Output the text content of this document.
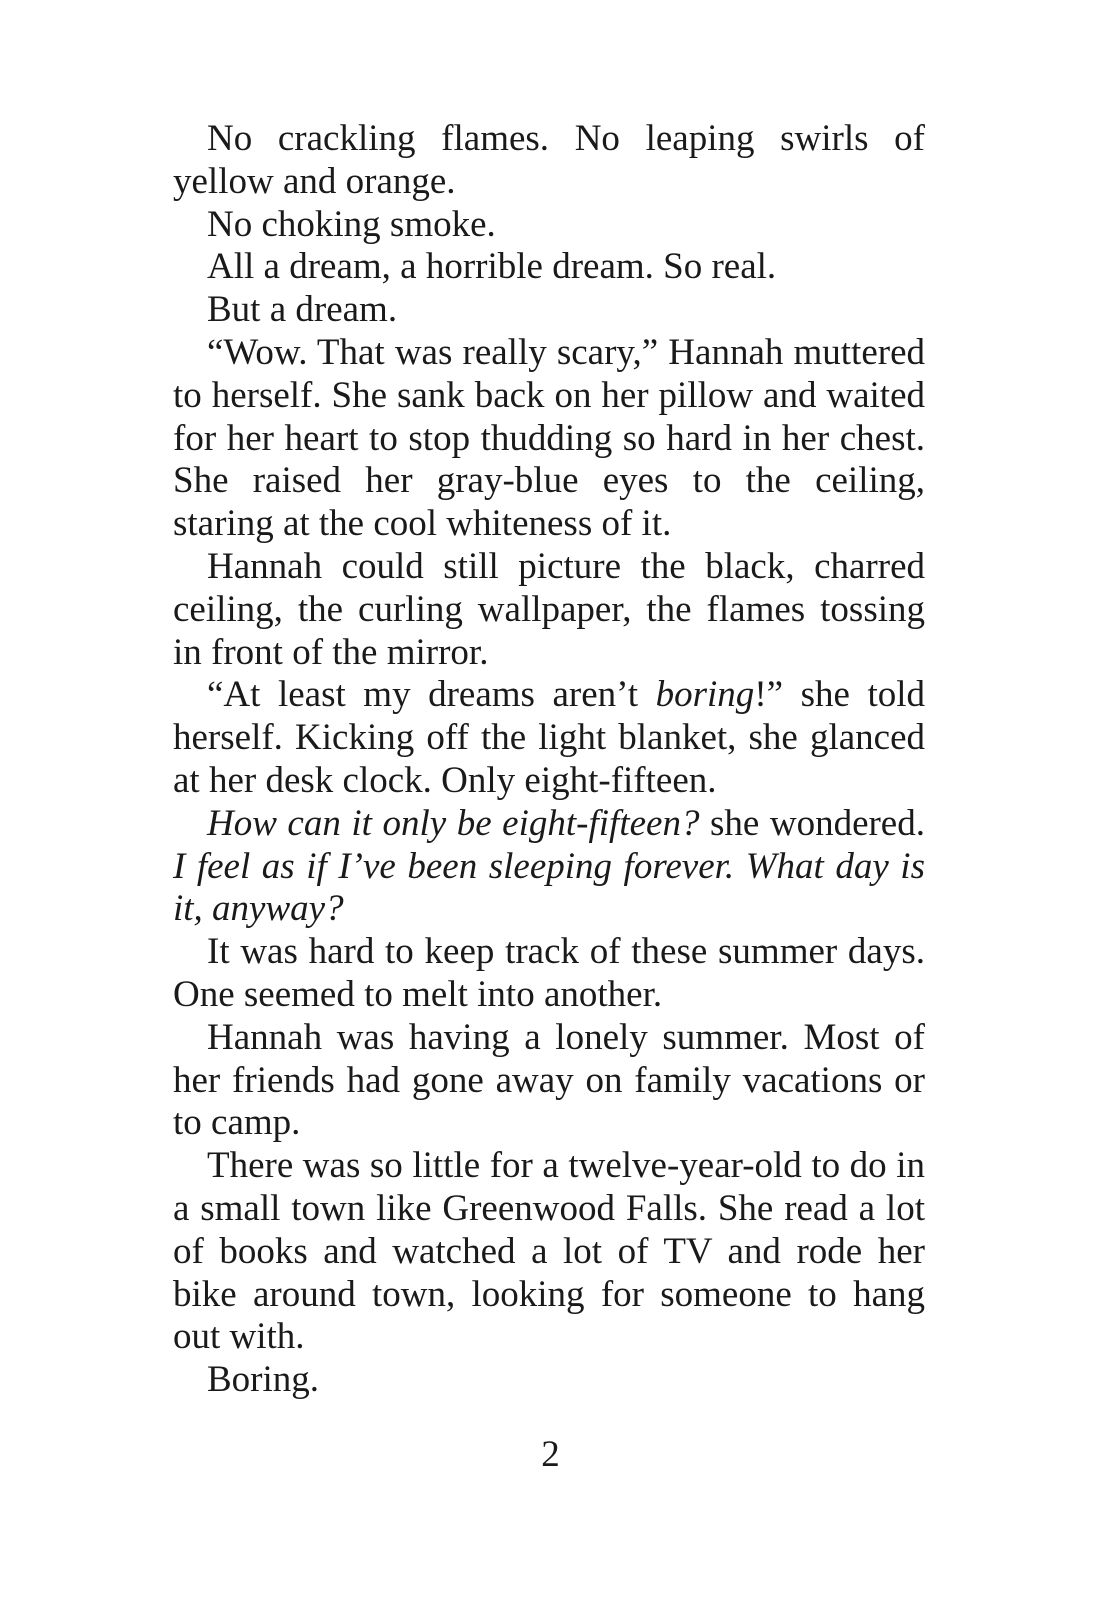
No crackling flames. No leaping swirls of yellow and orange.

No choking smoke.

All a dream, a horrible dream. So real.

But a dream.

“Wow. That was really scary,” Hannah muttered to herself. She sank back on her pillow and waited for her heart to stop thudding so hard in her chest. She raised her gray-blue eyes to the ceiling, staring at the cool whiteness of it.

Hannah could still picture the black, charred ceiling, the curling wallpaper, the flames tossing in front of the mirror.

“At least my dreams aren’t boring!” she told herself. Kicking off the light blanket, she glanced at her desk clock. Only eight-fifteen.

How can it only be eight-fifteen? she wondered. I feel as if I’ve been sleeping forever. What day is it, anyway?

It was hard to keep track of these summer days. One seemed to melt into another.

Hannah was having a lonely summer. Most of her friends had gone away on family vacations or to camp.

There was so little for a twelve-year-old to do in a small town like Greenwood Falls. She read a lot of books and watched a lot of TV and rode her bike around town, looking for someone to hang out with.

Boring.

2
